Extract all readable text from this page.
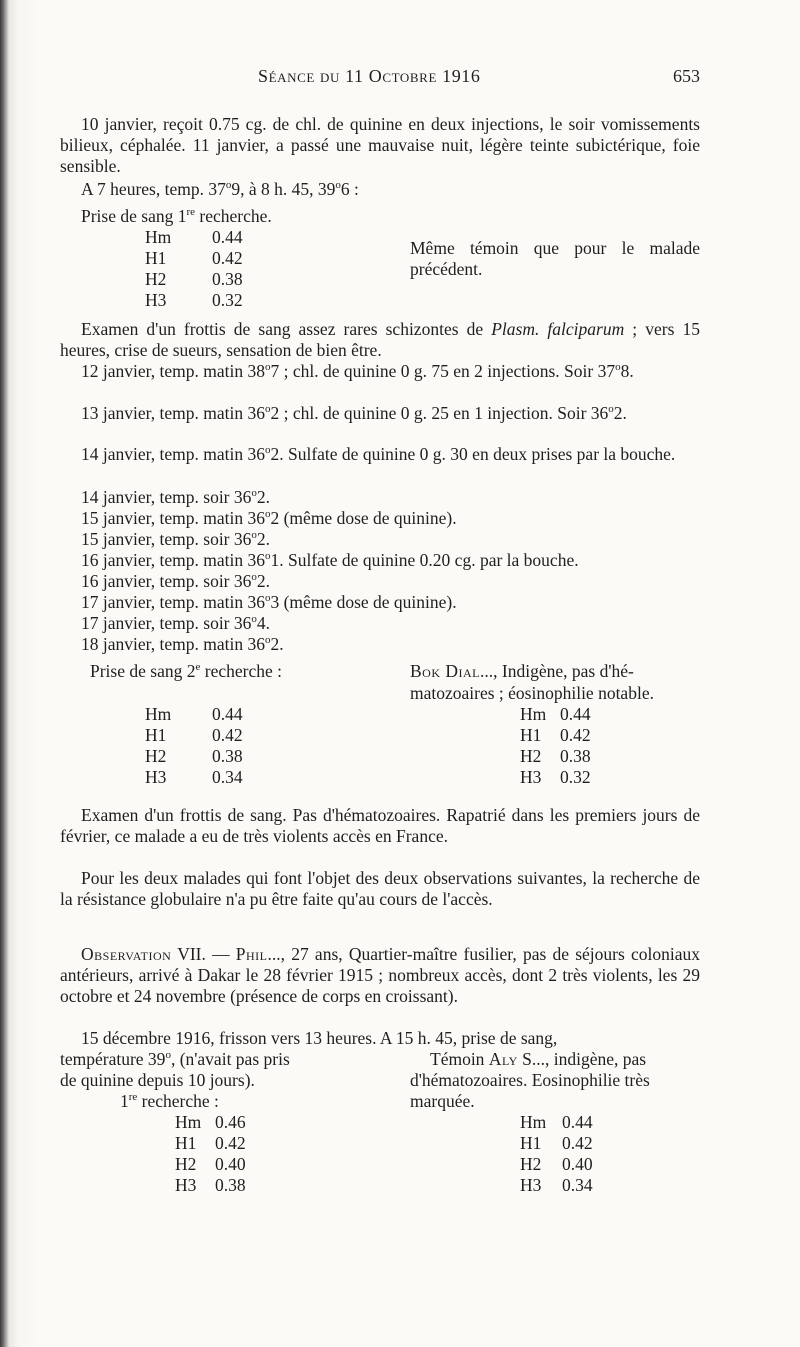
Séance du 11 Octobre 1916	653

10 janvier, reçoit 0.75 cg. de chl. de quinine en deux injections, le soir vomissements bilieux, céphalée. 11 janvier, a passé une mauvaise nuit, légère teinte subictérique, foie sensible.

A 7 heures, temp. 37$^o$9, à 8 h. 45, 39$^o$6 :
Prise de sang 1re recherche.
Hm 0.44
H1	0.42
H2	0.38
H3	0.32

Même témoin que pour le malade précédent.

Examen d'un frottis de sang assez rares schizontes de Plasm. falciparum ; vers 15 heures, crise de sueurs, sensation de bien être.

12 janvier, temp. matin 38$^o$7 ; chl. de quinine 0 g. 75 en 2 injections. Soir 37$^o$8.

13 janvier, temp. matin 36$^o$2 ; chl. de quinine 0 g. 25 en 1 injection. Soir 36$^o$2.

14 janvier, temp. matin 36$^o$2. Sulfate de quinine 0 g. 30 en deux prises par la bouche.

14 janvier, temp. soir 36$^o$2.
15 janvier, temp. matin 36$^o$2 (même dose de quinine).
15 janvier, temp. soir 36$^o$2.
16 janvier, temp. matin 36$^o$1. Sulfate de quinine 0.20 cg. par la bouche.
16 janvier, temp. soir 36$^o$2.
17 janvier, temp. matin 36$^o$3 (même dose de quinine).
17 janvier, temp. soir 36$^o$4.
18 janvier, temp. matin 36$^o$2.
Prise de sang 2e recherche :	Bok Dial..., Indigène, pas d'hé-
matozoaires ; éosinophilie notable.
Hm 0.44
H1	0.42
H2	0.38
H3	0.34
Hm 0.44
H1 0.42
H2 0.38
H3 0.32

Examen d'un frottis de sang. Pas d'hématozoaires. Rapatrié dans les premiers jours de février, ce malade a eu de très violents accès en France.

Pour les deux malades qui font l'objet des deux observations suivantes, la recherche de la résistance globulaire n'a pu être faite qu'au cours de l'accès.

Observation VII. — Phil..., 27 ans, Quartier-maître fusilier, pas de séjours coloniaux antérieurs, arrivé à Dakar le 28 février 1915 ; nombreux accès, dont 2 très violents, les 29 octobre et 24 novembre (présence de corps en croissant).

15 décembre 1916, frisson vers 13 heures. A 15 h. 45, prise de sang,
température 39$^o$, (n'avait pas pris
de quinine depuis 10 jours).
1re recherche :
Témoin Aly S..., indigène, pas
d'hématozoaires. Eosinophilie très
marquée.
Hm 0.46
H1 0.42
H2 0.40
H3 0.38
Hm 0.44
H1 0.42
H2 0.40
H3 0.34
